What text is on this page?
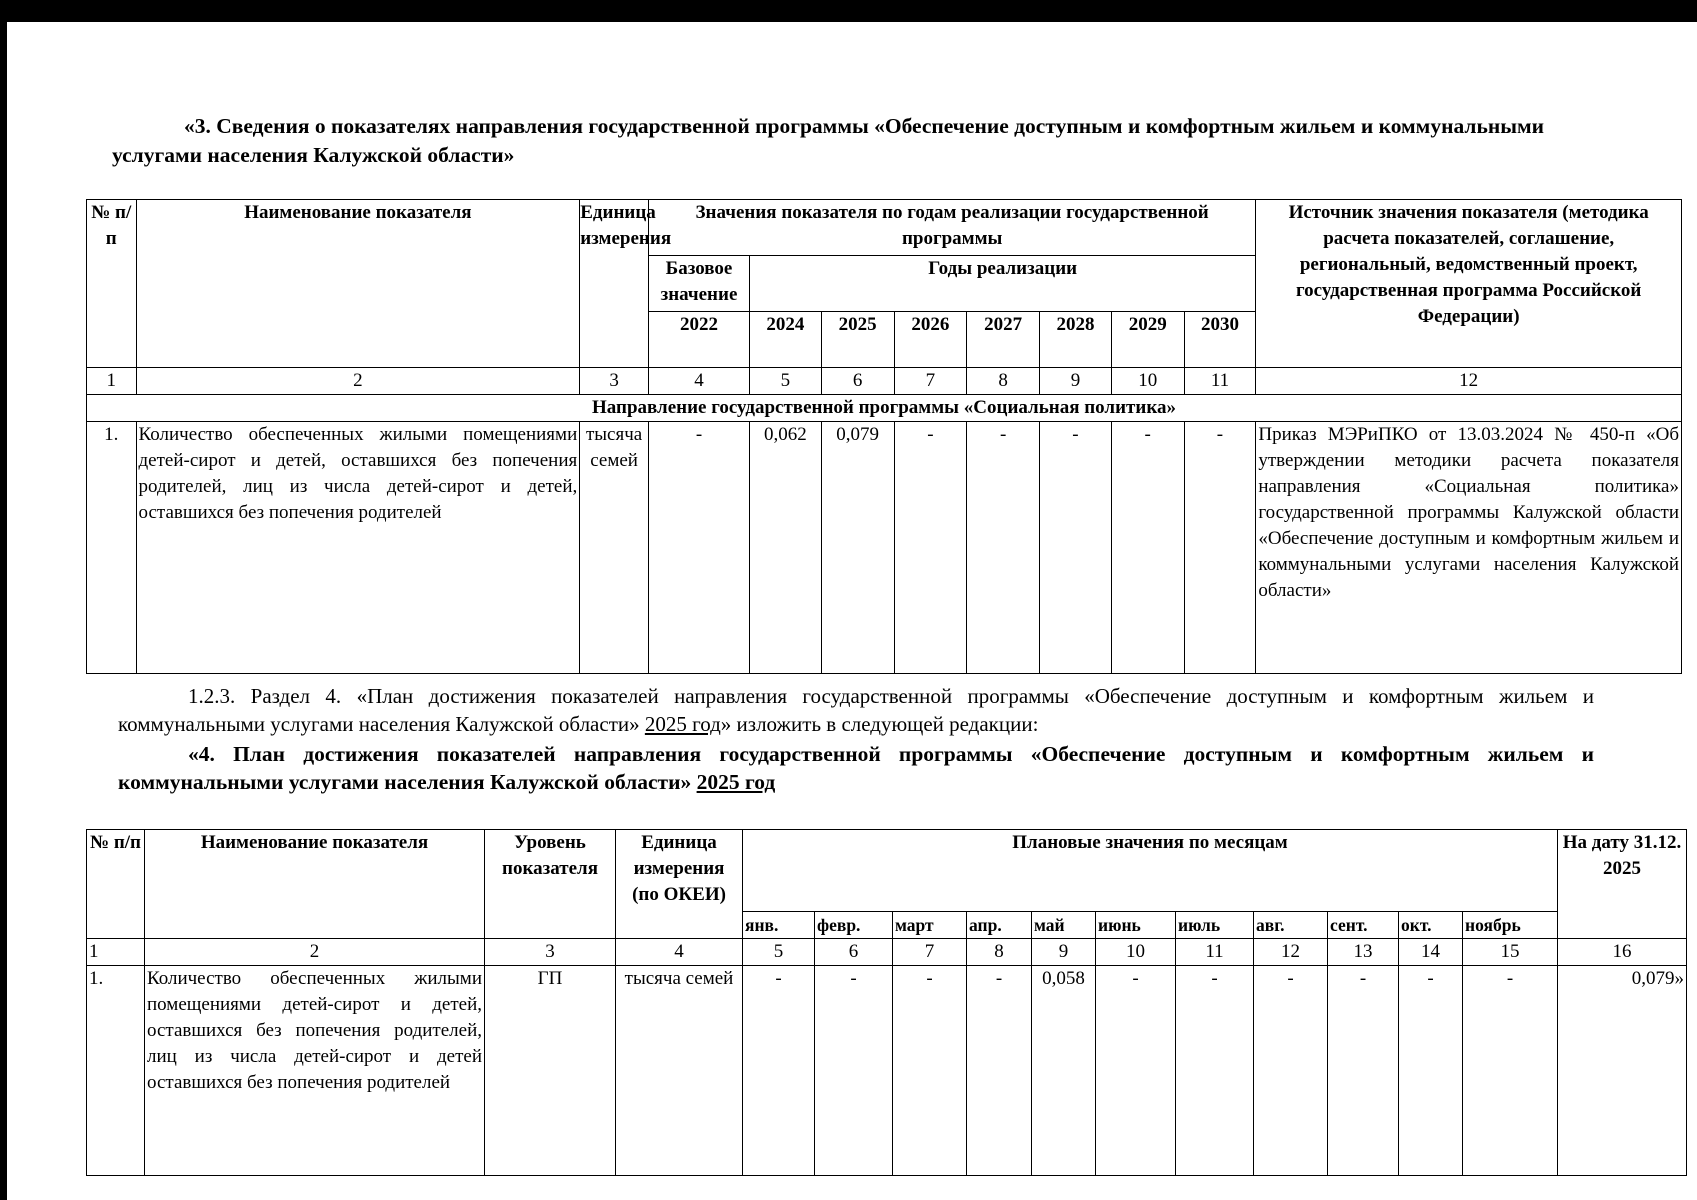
«3. Сведения о показателях направления государственной программы «Обеспечение доступным и комфортным жильем и коммунальными услугами населения Калужской области»

№ п/п	Наименование показателя	Единица измерения	Значения показателя по годам реализации государственной программы								Источник значения показателя (методика расчета показателей, соглашение, региональный, ведомственный проект, государственная программа Российской Федерации)
			Базовое значение	Годы реализации							
			2022	2024	2025	2026	2027	2028	2029	2030	
1	2	3	4	5	6	7	8	9	10	11	12
Направление государственной программы «Социальная политика»											
1.	Количество обеспеченных жилыми помещениями детей-сирот и детей, оставшихся без попечения родителей, лиц из числа детей-сирот и детей, оставшихся без попечения родителей	тысяча семей	-	0,062	0,079	-	-	-	-	-	Приказ МЭРиПКО от 13.03.2024 № 450-п «Об утверждении методики расчета показателя направления «Социальная политика» государственной программы Калужской области «Обеспечение доступным и комфортным жильем и коммунальными услугами населения Калужской области»

1.2.3. Раздел 4. «План достижения показателей направления государственной программы «Обеспечение доступным и комфортным жильем и коммунальными услугами населения Калужской области» 2025 год» изложить в следующей редакции:

«4. План достижения показателей направления государственной программы «Обеспечение доступным и комфортным жильем и коммунальными услугами населения Калужской области» 2025 год

№ п/п	Наименование показателя	Уровень показателя	Единица измерения (по ОКЕИ)	Плановые значения по месяцам											На дату 31.12. 2025
				янв.	февр.	март	апр.	май	июнь	июль	авг.	сент.	окт.	ноябрь	
1	2	3	4	5	6	7	8	9	10	11	12	13	14	15	16
1.	Количество обеспеченных жилыми помещениями детей-сирот и детей, оставшихся без попечения родителей, лиц из числа детей-сирот и детей оставшихся без попечения родителей	ГП	тысяча семей	-	-	-	-	0,058	-	-	-	-	-	-	0,079»
